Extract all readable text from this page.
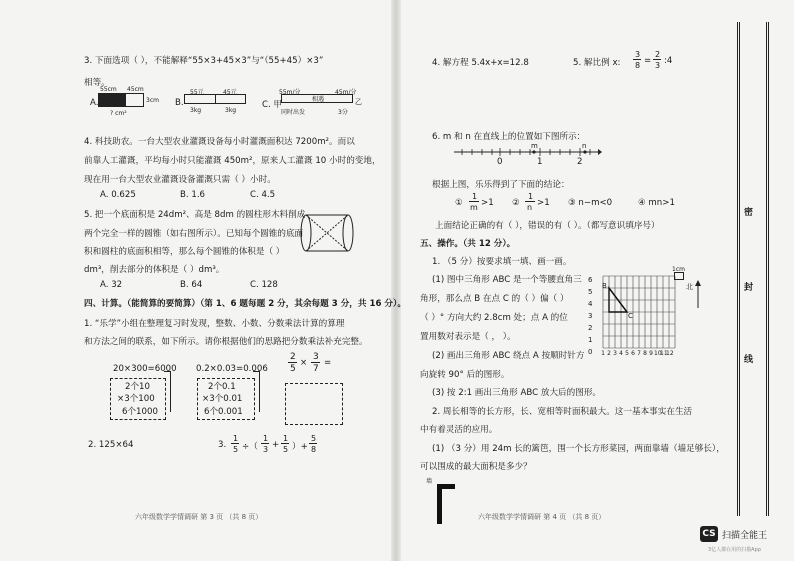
密
封
线
3. 下面选项（ ），不能解释“55×3+45×3”与“（55+45）×3”
相等。
A.
55cm 45cm
3cm
? cm²
B.
55元	45元
3kg	3kg
C. 甲
55m/分
相遇
45m/分
乙
同时出发	3分
4. 科技助农。一台大型农业灌溉设备每小时灌溉面积达 7200m²。而以
前靠人工灌溉，平均每小时只能灌溉 450m²，原来人工灌溉 10 小时的变地，
现在用一台大型农业灌溉设备灌溉只需（ ）小时。
A. 0.625	B. 1.6	C. 4.5
5. 把一个底面积是 24dm²、高是 8dm 的圆柱形木料削成
两个完全一样的圆锥（如右图所示）。已知每个圆锥的底面
积和圆柱的底面积相等，那么每个圆锥的体积是（ ）
dm³，削去部分的体积是（ ）dm³。
A. 32	B. 64	C. 128
四、计算。（能简算的要简算）（第 1、6 题每题 2 分，其余每题 3 分，共 16 分）。
1. “乐学”小组在整理复习时发现，整数、小数、分数乘法计算的算理
和方法之间的联系，如下所示。请你根据他们的思路把分数乘法补充完整。
20×300=6000
2个10
×3个100
6个1000
0.2×0.03=0.006
2个0.1
×3个0.01
6个0.001
2
5
×
3
7
=
2. 125×64	3.
1
5 ÷（
1
3 +
1
5 ）+
5
8
六年级数学学情调研 第 3 页 （共 8 页）
4. 解方程 5.4x+x=12.8	5. 解比例 x:
3
8 =
2
3 :4
6. m 和 n 在直线上的位置如下图所示：
0	1	2
m	n
根据上图，乐乐得到了下面的结论：
①
1
m >1 ②
1
n >1 ③ n−m<0	④ mn>1
上面结论正确的有（ ），错误的有（ ）。（都写意识填序号）
五、操作。（共 12 分）。
1. （5 分）按要求填一填、画一画。
(1) 图中三角形 ABC 是一个等腰直角三
角形，那么点 B 在点 C 的（ ）偏（ ）
（ ）° 方向大约 2.8cm 处；点 A 的位
置用数对表示是（ ， ）。
(2) 画出三角形 ABC 绕点 A 按顺时针方
向旋转 90° 后的图形。
(3) 按 2:1 画出三角形 ABC 放大后的图形。
B
C
6
5
4
3
2
1
0 1 2 3 4 5 6 7 8 9101112
1cm
北
2. 周长相等的长方形，长、宽相等时面积最大。这一基本事实在生活
中有着灵活的应用。
(1) （3 分）用 24m 长的篱笆，围一个长方形菜园，两面靠墙（墙足够长），
可以围成的最大面积是多少？
墙
六年级数学学情调研 第 4 页 （共 8 页）
CS 扫描全能王
3亿人都在用的扫描App
